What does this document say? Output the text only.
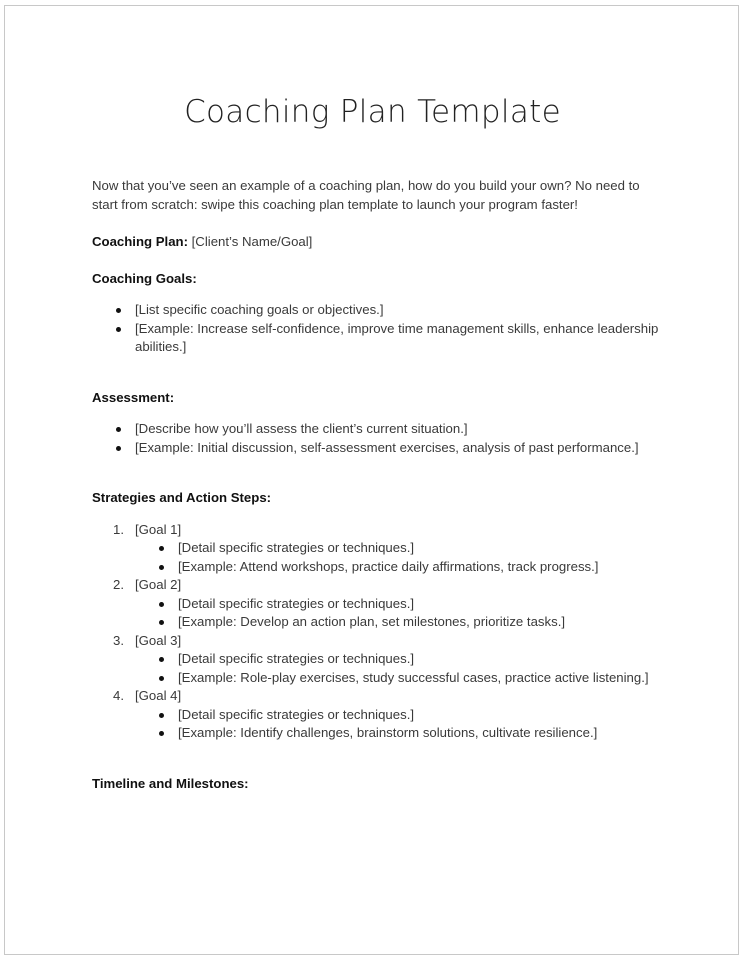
Coaching Plan Template

Now that you’ve seen an example of a coaching plan, how do you build your own? No need to start from scratch: swipe this coaching plan template to launch your program faster!

Coaching Plan: [Client’s Name/Goal]

Coaching Goals:

[List specific coaching goals or objectives.]
[Example: Increase self-confidence, improve time management skills, enhance leadership abilities.]

Assessment:

[Describe how you’ll assess the client’s current situation.]
[Example: Initial discussion, self-assessment exercises, analysis of past performance.]

Strategies and Action Steps:

1. [Goal 1]
[Detail specific strategies or techniques.]
[Example: Attend workshops, practice daily affirmations, track progress.]
2. [Goal 2]
[Detail specific strategies or techniques.]
[Example: Develop an action plan, set milestones, prioritize tasks.]
3. [Goal 3]
[Detail specific strategies or techniques.]
[Example: Role-play exercises, study successful cases, practice active listening.]
4. [Goal 4]
[Detail specific strategies or techniques.]
[Example: Identify challenges, brainstorm solutions, cultivate resilience.]

Timeline and Milestones:
